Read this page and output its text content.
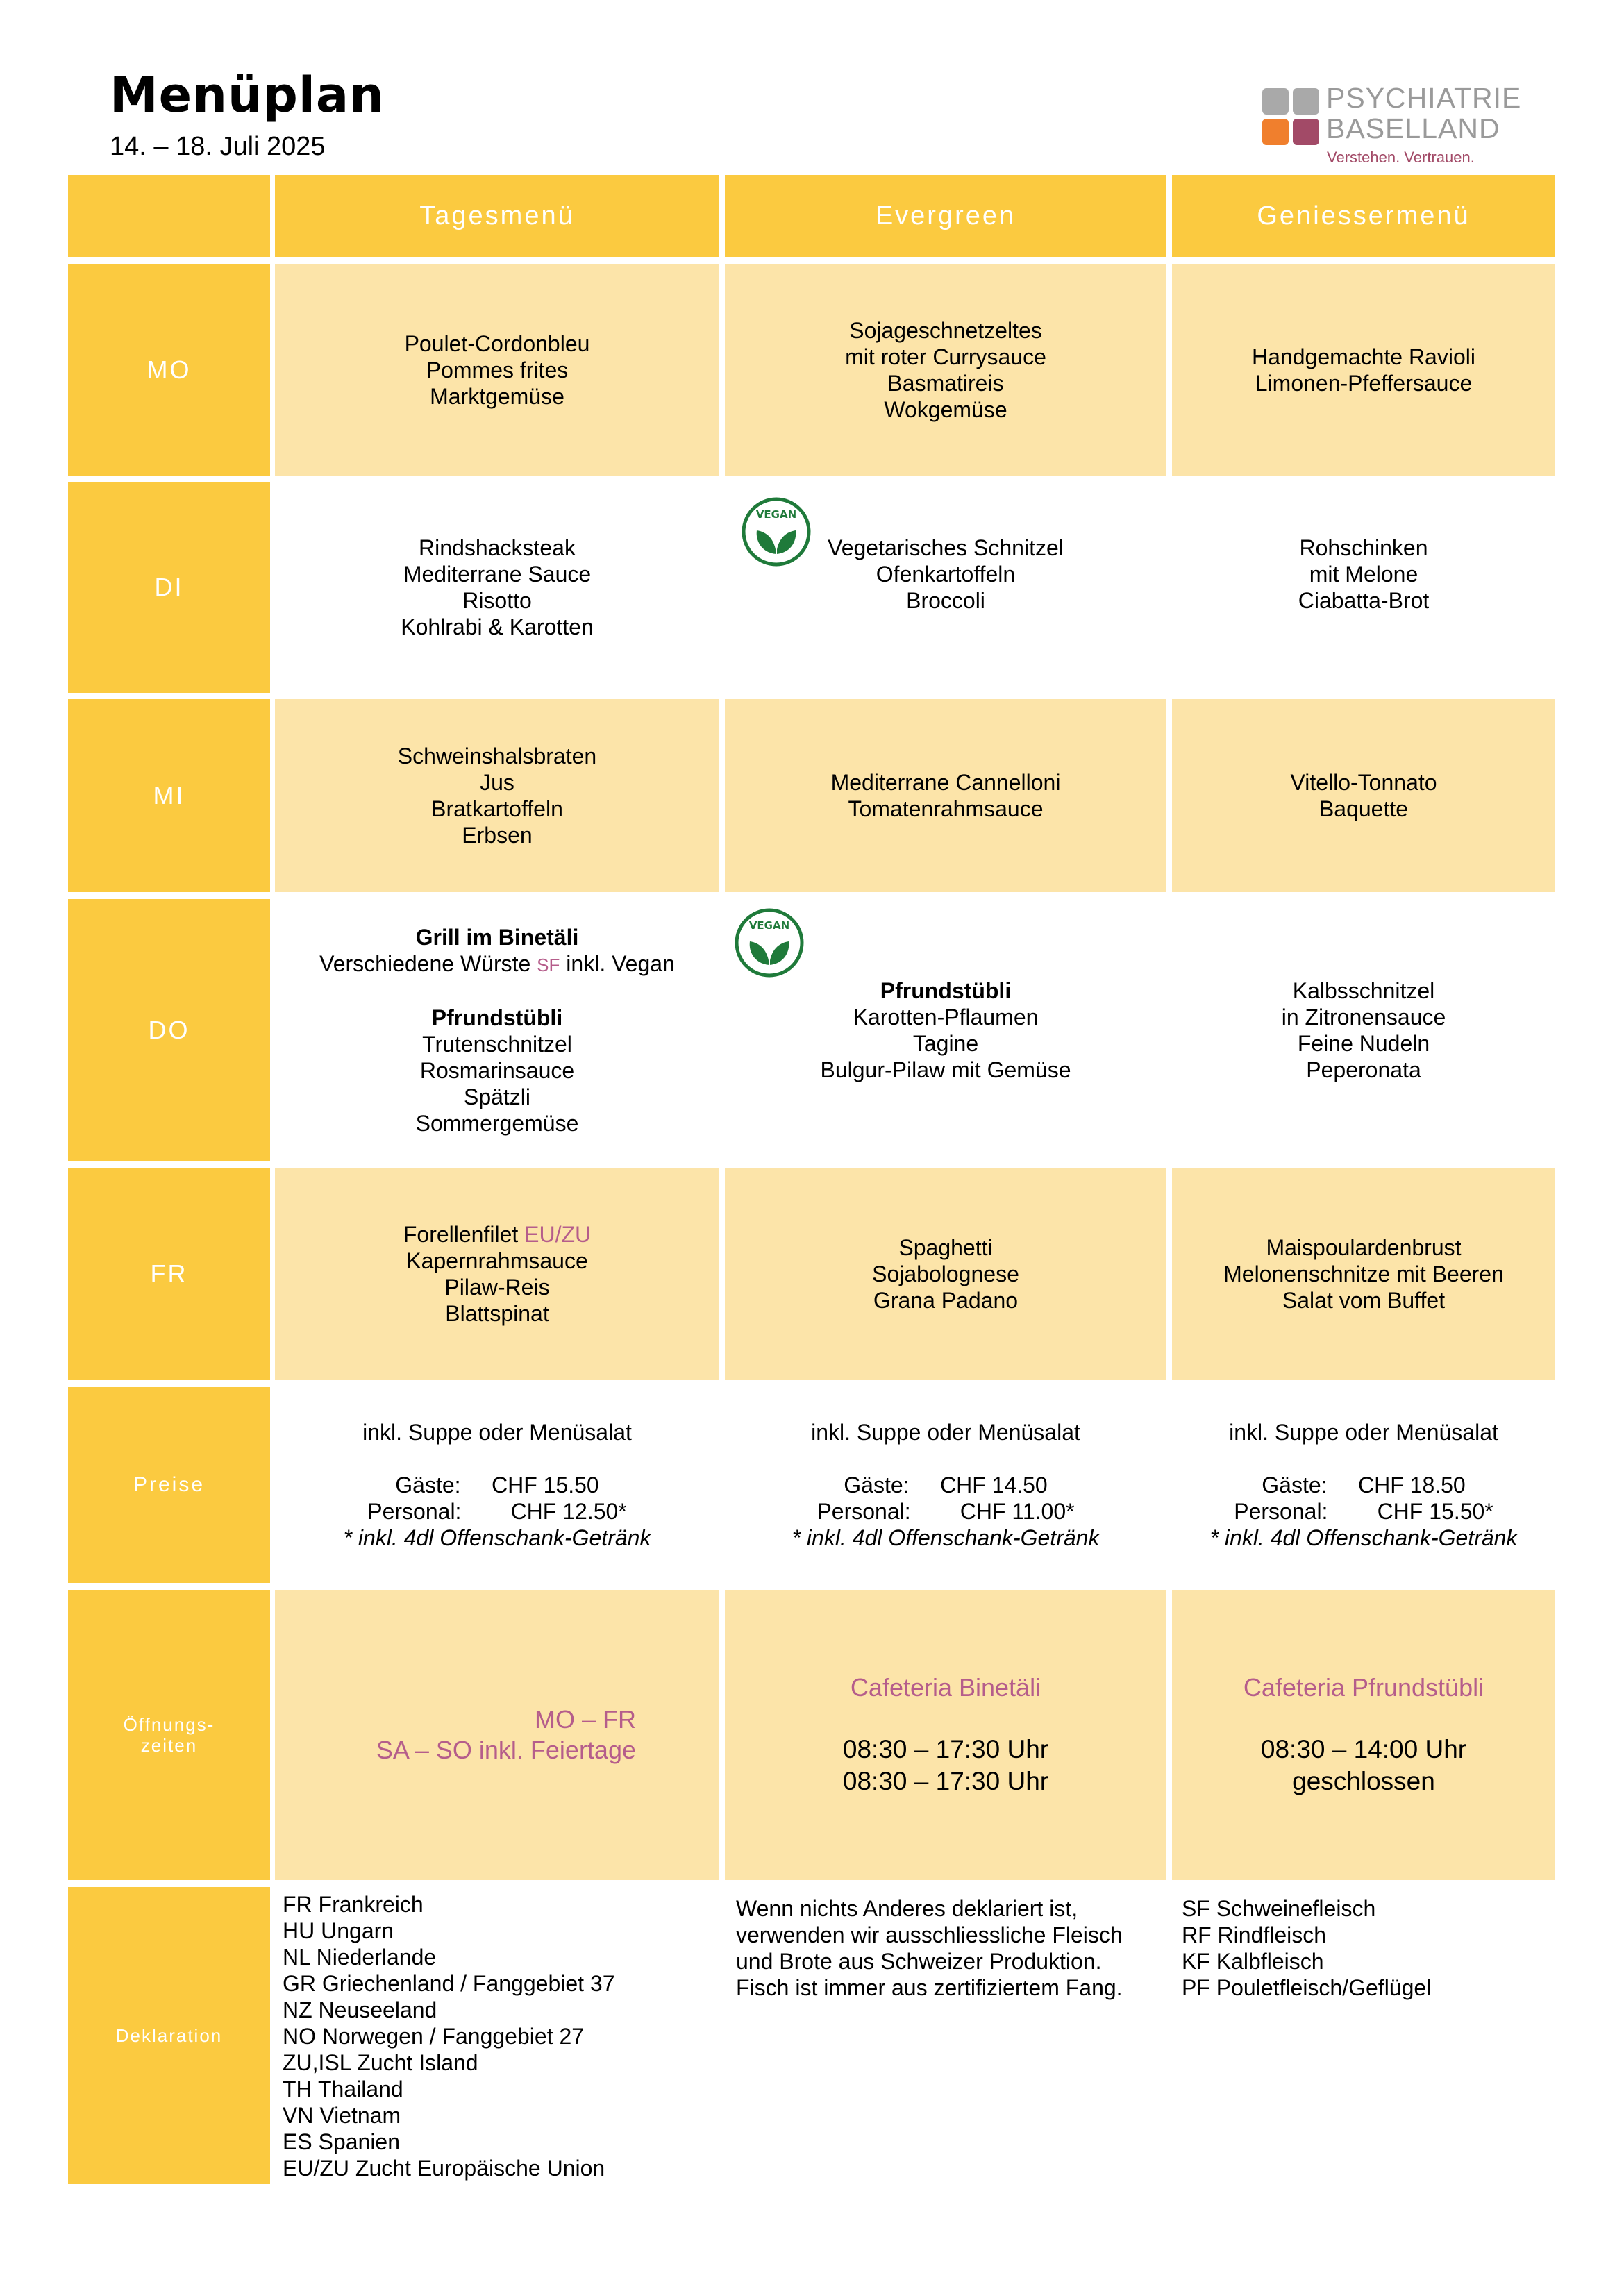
Menüplan
14. – 18. Juli 2025
PSYCHIATRIE
BASELLAND
Verstehen. Vertrauen.
Tagesmenü	Evergreen	Geniessermenü
MO
Poulet-Cordonbleu
Pommes frites
Marktgemüse
Sojageschnetzeltes
mit roter Currysauce
Basmatireis
Wokgemüse
Handgemachte Ravioli
Limonen-Pfeffersauce
DI
Rindshacksteak
Mediterrane Sauce
Risotto
Kohlrabi & Karotten
Vegetarisches Schnitzel
Ofenkartoffeln
Broccoli
Rohschinken
mit Melone
Ciabatta-Brot
MI
Schweinshalsbraten
Jus
Bratkartoffeln
Erbsen
Mediterrane Cannelloni
Tomatenrahmsauce
Vitello-Tonnato
Baquette
DO
Grill im Binetäli
Verschiedene Würste SF inkl. Vegan
Pfrundstübli
Trutenschnitzel
Rosmarinsauce
Spätzli
Sommergemüse
Pfrundstübli
Karotten-Pflaumen
Tagine
Bulgur-Pilaw mit Gemüse
Kalbsschnitzel
in Zitronensauce
Feine Nudeln
Peperonata
FR
Forellenfilet EU/ZU
Kapernrahmsauce
Pilaw-Reis
Blattspinat
Spaghetti
Sojabolognese
Grana Padano
Maispoulardenbrust
Melonenschnitze mit Beeren
Salat vom Buffet
Preise
inkl. Suppe oder Menüsalat
Gäste: CHF 15.50
Personal: CHF 12.50*
* inkl. 4dl Offenschank-Getränk
inkl. Suppe oder Menüsalat
Gäste: CHF 14.50
Personal: CHF 11.00*
* inkl. 4dl Offenschank-Getränk
inkl. Suppe oder Menüsalat
Gäste: CHF 18.50
Personal: CHF 15.50*
* inkl. 4dl Offenschank-Getränk
Öffnungs-
zeiten
MO – FR
SA – SO inkl. Feiertage
Cafeteria Binetäli
08:30 – 17:30 Uhr
08:30 – 17:30 Uhr
Cafeteria Pfrundstübli
08:30 – 14:00 Uhr
geschlossen
Deklaration
FR Frankreich
HU Ungarn
NL Niederlande
GR Griechenland / Fanggebiet 37
NZ Neuseeland
NO Norwegen / Fanggebiet 27
ZU,ISL Zucht Island
TH Thailand
VN Vietnam
ES Spanien
EU/ZU Zucht Europäische Union
Wenn nichts Anderes deklariert ist,
verwenden wir ausschliessliche Fleisch
und Brote aus Schweizer Produktion.
Fisch ist immer aus zertifiziertem Fang.
SF Schweinefleisch
RF Rindfleisch
KF Kalbfleisch
PF Pouletfleisch/Geflügel
VEGAN
VEGAN
